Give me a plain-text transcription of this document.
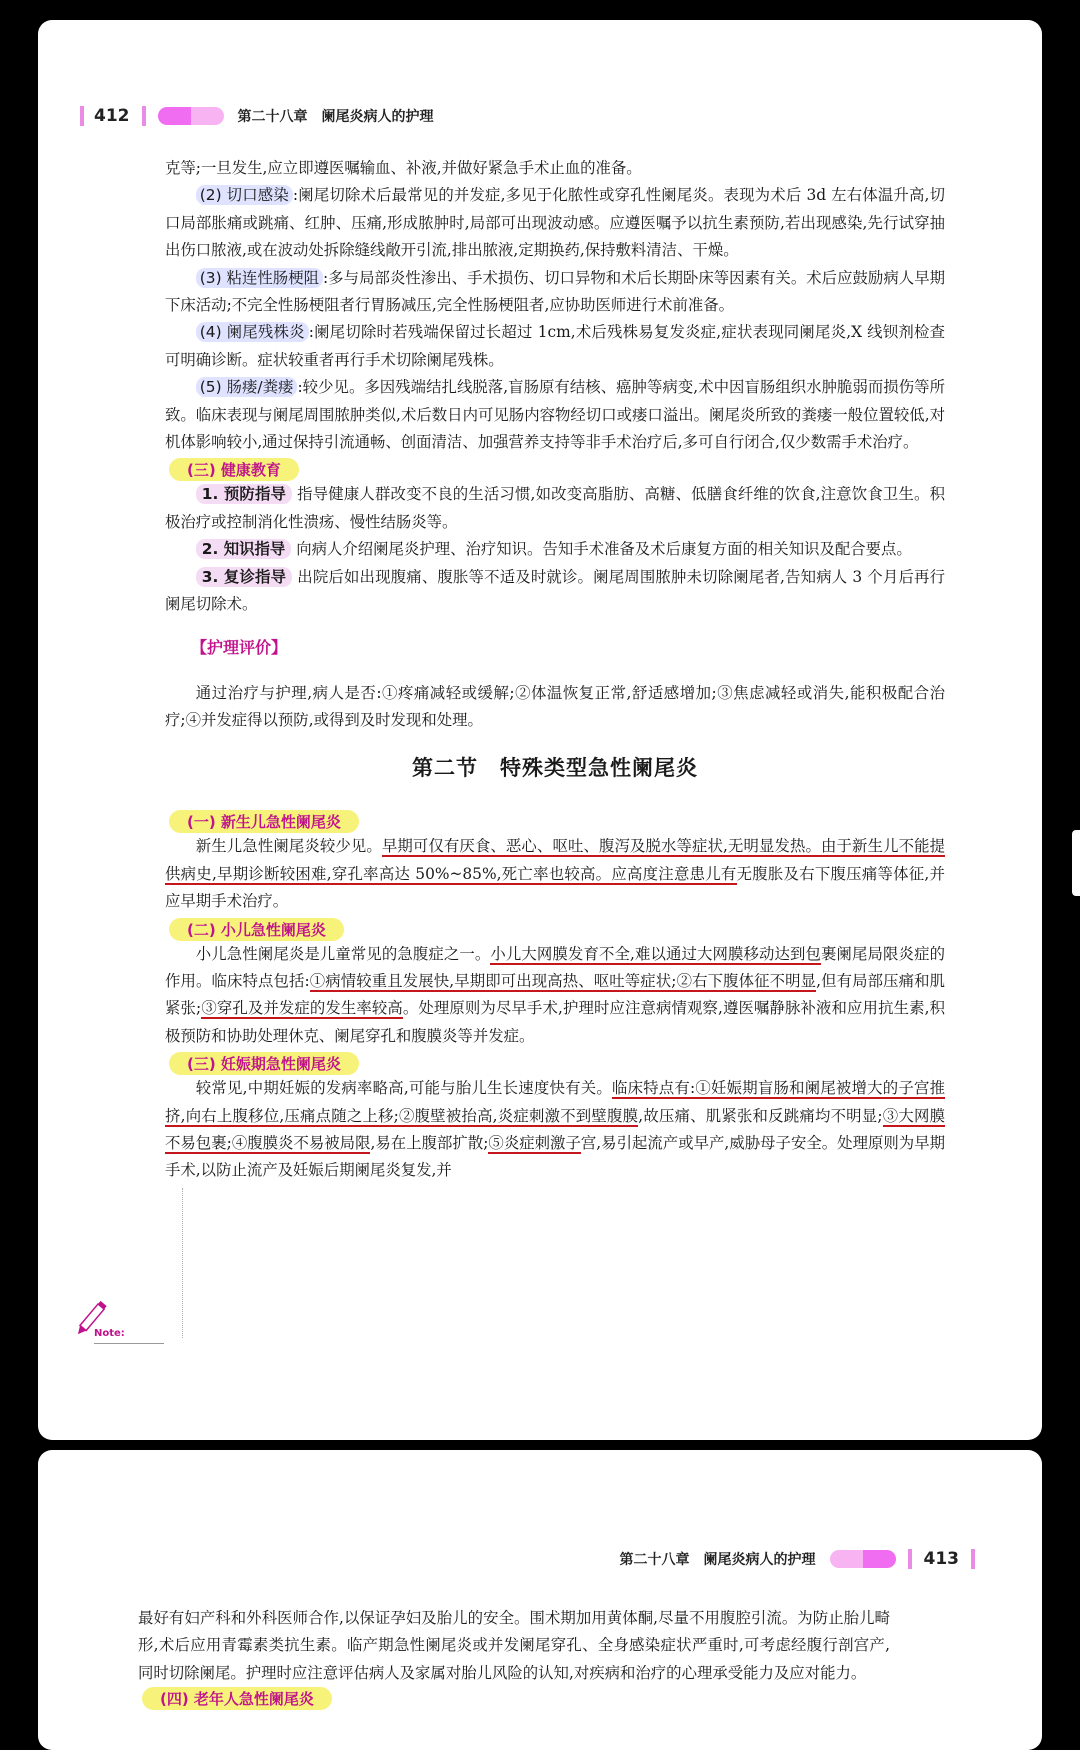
412	第二十八章　阑尾炎病人的护理

克等;一旦发生,应立即遵医嘱输血、补液,并做好紧急手术止血的准备。

(2) 切口感染 :阑尾切除术后最常见的并发症,多见于化脓性或穿孔性阑尾炎。表现为术后 3d 左右体温升高,切口局部胀痛或跳痛、红肿、压痛,形成脓肿时,局部可出现波动感。应遵医嘱予以抗生素预防,若出现感染,先行试穿抽出伤口脓液,或在波动处拆除缝线敞开引流,排出脓液,定期换药,保持敷料清洁、干燥。

(3) 粘连性肠梗阻 :多与局部炎性渗出、手术损伤、切口异物和术后长期卧床等因素有关。术后应鼓励病人早期下床活动;不完全性肠梗阻者行胃肠减压,完全性肠梗阻者,应协助医师进行术前准备。

(4) 阑尾残株炎 :阑尾切除时若残端保留过长超过 1cm,术后残株易复发炎症,症状表现同阑尾炎,X 线钡剂检查可明确诊断。症状较重者再行手术切除阑尾残株。

(5) 肠瘘/粪瘘 :较少见。多因残端结扎线脱落,盲肠原有结核、癌肿等病变,术中因盲肠组织水肿脆弱而损伤等所致。临床表现与阑尾周围脓肿类似,术后数日内可见肠内容物经切口或瘘口溢出。阑尾炎所致的粪瘘一般位置较低,对机体影响较小,通过保持引流通畅、创面清洁、加强营养支持等非手术治疗后,多可自行闭合,仅少数需手术治疗。

(三) 健康教育

1. 预防指导 指导健康人群改变不良的生活习惯,如改变高脂肪、高糖、低膳食纤维的饮食,注意饮食卫生。积极治疗或控制消化性溃疡、慢性结肠炎等。

2. 知识指导 向病人介绍阑尾炎护理、治疗知识。告知手术准备及术后康复方面的相关知识及配合要点。

3. 复诊指导 出院后如出现腹痛、腹胀等不适及时就诊。阑尾周围脓肿未切除阑尾者,告知病人 3 个月后再行阑尾切除术。

【护理评价】

通过治疗与护理,病人是否:①疼痛减轻或缓解;②体温恢复正常,舒适感增加;③焦虑减轻或消失,能积极配合治疗;④并发症得以预防,或得到及时发现和处理。

第二节　特殊类型急性阑尾炎
(一) 新生儿急性阑尾炎

新生儿急性阑尾炎较少见。早期可仅有厌食、恶心、呕吐、腹泻及脱水等症状,无明显发热。由于新生儿不能提供病史,早期诊断较困难,穿孔率高达 50%~85%,死亡率也较高。应高度注意患儿有无腹胀及右下腹压痛等体征,并应早期手术治疗。

(二) 小儿急性阑尾炎

小儿急性阑尾炎是儿童常见的急腹症之一。小儿大网膜发育不全,难以通过大网膜移动达到包裹阑尾局限炎症的作用。临床特点包括:①病情较重且发展快,早期即可出现高热、呕吐等症状;②右下腹体征不明显,但有局部压痛和肌紧张;③穿孔及并发症的发生率较高。处理原则为尽早手术,护理时应注意病情观察,遵医嘱静脉补液和应用抗生素,积极预防和协助处理休克、阑尾穿孔和腹膜炎等并发症。

(三) 妊娠期急性阑尾炎

较常见,中期妊娠的发病率略高,可能与胎儿生长速度快有关。临床特点有:①妊娠期盲肠和阑尾被增大的子宫推挤,向右上腹移位,压痛点随之上移;②腹壁被抬高,炎症刺激不到壁腹膜,故压痛、肌紧张和反跳痛均不明显;③大网膜不易包裹;④腹膜炎不易被局限,易在上腹部扩散;⑤炎症刺激子宫,易引起流产或早产,威胁母子安全。处理原则为早期手术,以防止流产及妊娠后期阑尾炎复发,并

Note:
第二十八章　阑尾炎病人的护理	413

最好有妇产科和外科医师合作,以保证孕妇及胎儿的安全。围术期加用黄体酮,尽量不用腹腔引流。为防止胎儿畸形,术后应用青霉素类抗生素。临产期急性阑尾炎或并发阑尾穿孔、全身感染症状严重时,可考虑经腹行剖宫产,同时切除阑尾。护理时应注意评估病人及家属对胎儿风险的认知,对疾病和治疗的心理承受能力及应对能力。

(四) 老年人急性阑尾炎
